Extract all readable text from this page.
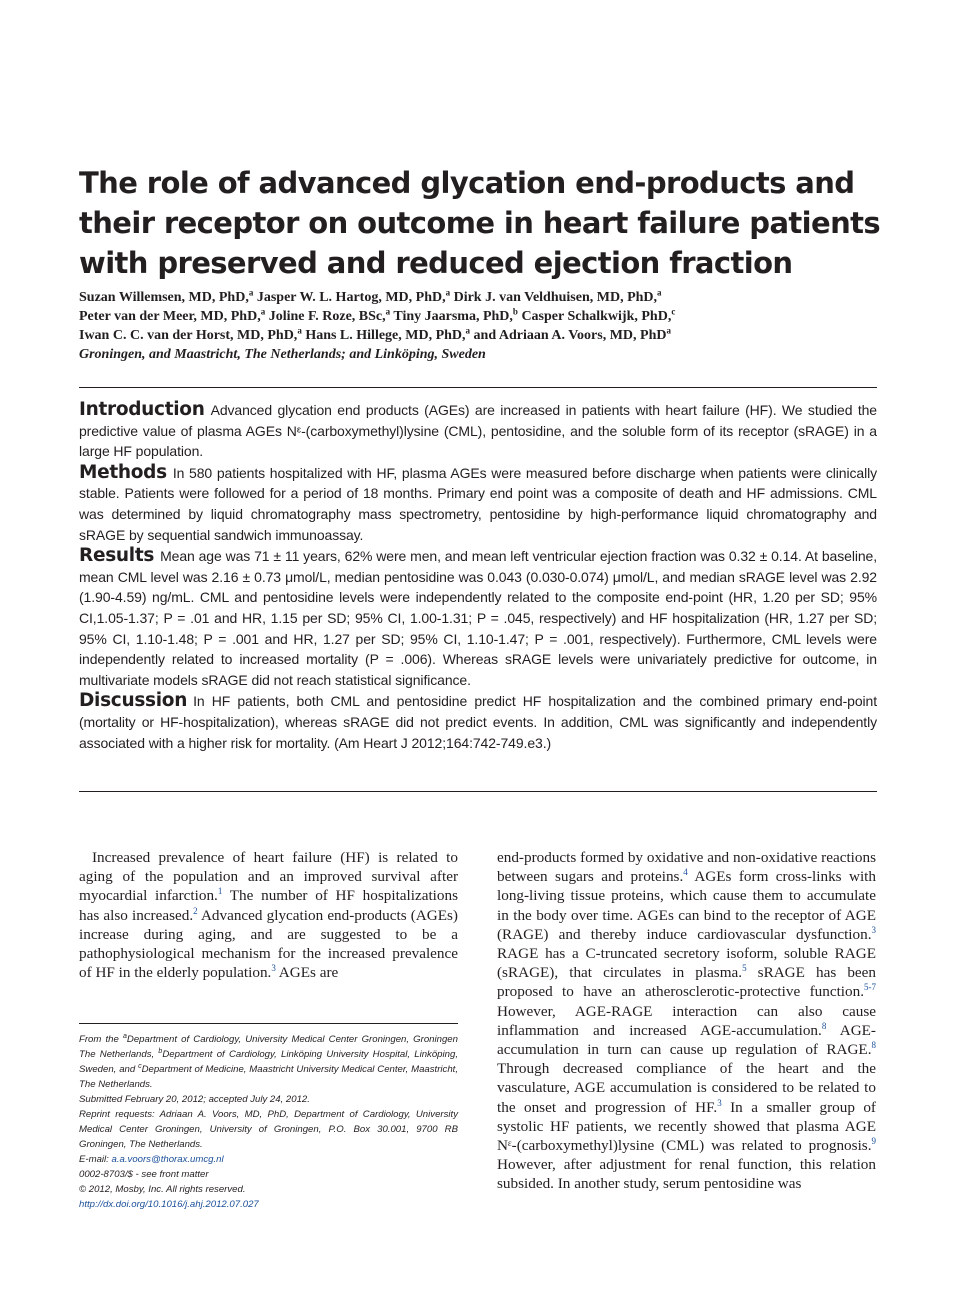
The role of advanced glycation end-products and their receptor on outcome in heart failure patients with preserved and reduced ejection fraction
Suzan Willemsen, MD, PhD,$^a$ Jasper W. L. Hartog, MD, PhD,$^a$ Dirk J. van Veldhuisen, MD, PhD,$^a$
Peter van der Meer, MD, PhD,$^a$ Joline F. Roze, BSc,$^a$ Tiny Jaarsma, PhD,$^b$ Casper Schalkwijk, PhD,$^c$
Iwan C. C. van der Horst, MD, PhD,$^a$ Hans L. Hillege, MD, PhD,$^a$ and Adriaan A. Voors, MD, PhD$^a$
Groningen, and Maastricht, The Netherlands; and Linköping, Sweden

Introduction Advanced glycation end products (AGEs) are increased in patients with heart failure (HF). We studied the predictive value of plasma AGEs Nᵋ-(carboxymethyl)lysine (CML), pentosidine, and the soluble form of its receptor (sRAGE) in a large HF population.

Methods In 580 patients hospitalized with HF, plasma AGEs were measured before discharge when patients were clinically stable. Patients were followed for a period of 18 months. Primary end point was a composite of death and HF admissions. CML was determined by liquid chromatography mass spectrometry, pentosidine by high-performance liquid chromatography and sRAGE by sequential sandwich immunoassay.

Results Mean age was 71 ± 11 years, 62% were men, and mean left ventricular ejection fraction was 0.32 ± 0.14. At baseline, mean CML level was 2.16 ± 0.73 μmol/L, median pentosidine was 0.043 (0.030-0.074) μmol/L, and median sRAGE level was 2.92 (1.90-4.59) ng/mL. CML and pentosidine levels were independently related to the composite end-point (HR, 1.20 per SD; 95% CI,1.05-1.37; P = .01 and HR, 1.15 per SD; 95% CI, 1.00-1.31; P = .045, respectively) and HF hospitalization (HR, 1.27 per SD; 95% CI, 1.10-1.48; P = .001 and HR, 1.27 per SD; 95% CI, 1.10-1.47; P = .001, respectively). Furthermore, CML levels were independently related to increased mortality (P = .006). Whereas sRAGE levels were univariately predictive for outcome, in multivariate models sRAGE did not reach statistical significance.

Discussion In HF patients, both CML and pentosidine predict HF hospitalization and the combined primary end-point (mortality or HF-hospitalization), whereas sRAGE did not predict events. In addition, CML was significantly and independently associated with a higher risk for mortality. (Am Heart J 2012;164:742-749.e3.)

Increased prevalence of heart failure (HF) is related to aging of the population and an improved survival after myocardial infarction.$^1$ The number of HF hospitalizations has also increased.$^2$ Advanced glycation end-products (AGEs) increase during aging, and are suggested to be a pathophysiological mechanism for the increased prevalence of HF in the elderly population.$^3$ AGEs are

From the $^a$Department of Cardiology, University Medical Center Groningen, Groningen The Netherlands, $^b$Department of Cardiology, Linköping University Hospital, Linköping, Sweden, and $^c$Department of Medicine, Maastricht University Medical Center, Maastricht, The Netherlands.

Submitted February 20, 2012; accepted July 24, 2012.

Reprint requests: Adriaan A. Voors, MD, PhD, Department of Cardiology, University Medical Center Groningen, University of Groningen, P.O. Box 30.001, 9700 RB Groningen, The Netherlands.

E-mail: a.a.voors@thorax.umcg.nl

0002-8703/$ - see front matter

© 2012, Mosby, Inc. All rights reserved.

http://dx.doi.org/10.1016/j.ahj.2012.07.027

end-products formed by oxidative and non-oxidative reactions between sugars and proteins.$^4$ AGEs form cross-links with long-living tissue proteins, which cause them to accumulate in the body over time. AGEs can bind to the receptor of AGE (RAGE) and thereby induce cardiovascular dysfunction.$^3$ RAGE has a C-truncated secretory isoform, soluble RAGE (sRAGE), that circulates in plasma.$^5$ sRAGE has been proposed to have an atherosclerotic-protective function.$^{5-7}$ However, AGE-RAGE interaction can also cause inflammation and increased AGE-accumulation.$^8$ AGE-accumulation in turn can cause up regulation of RAGE.$^8$ Through decreased compliance of the heart and the vasculature, AGE accumulation is considered to be related to the onset and progression of HF.$^3$ In a smaller group of systolic HF patients, we recently showed that plasma AGE Nᵋ-(carboxymethyl)lysine (CML) was related to prognosis.$^9$ However, after adjustment for renal function, this relation subsided. In another study, serum pentosidine was
